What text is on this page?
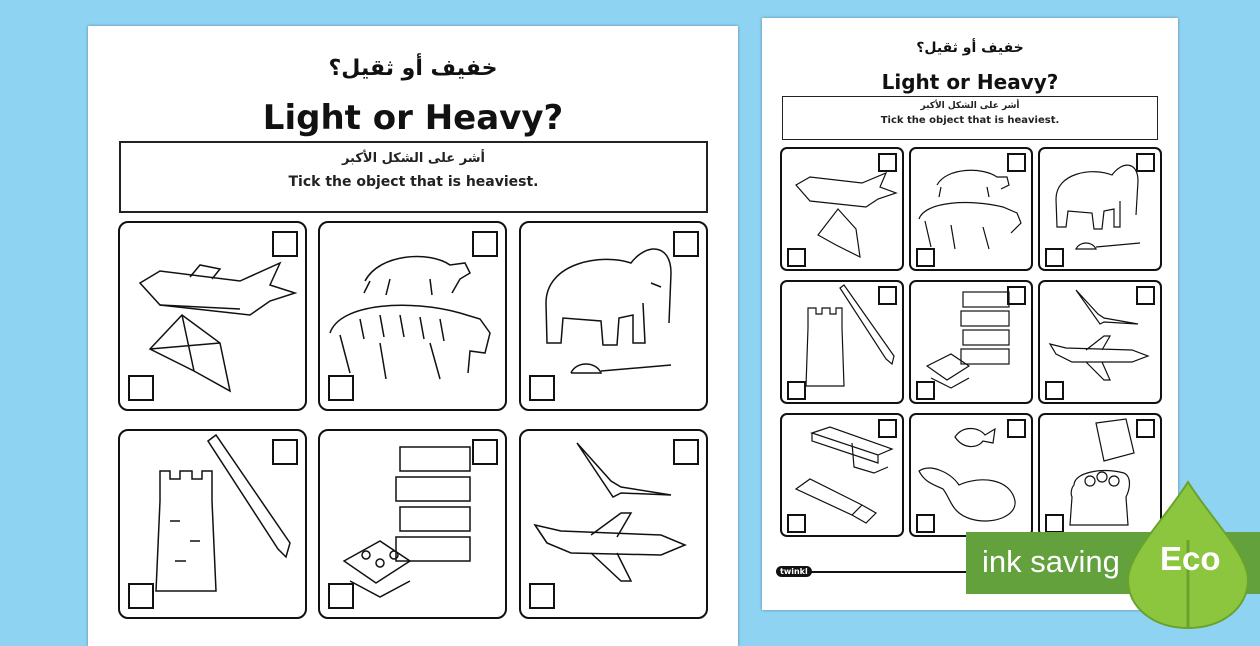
خفيف أو ثقيل؟
Light or Heavy?
أشر على الشكل الأكبر
Tick the object that is heaviest.
خفيف أو ثقيل؟
Light or Heavy?
أشر على الشكل الأكبر
Tick the object that is heaviest.
twinkl	ink saving Eco
